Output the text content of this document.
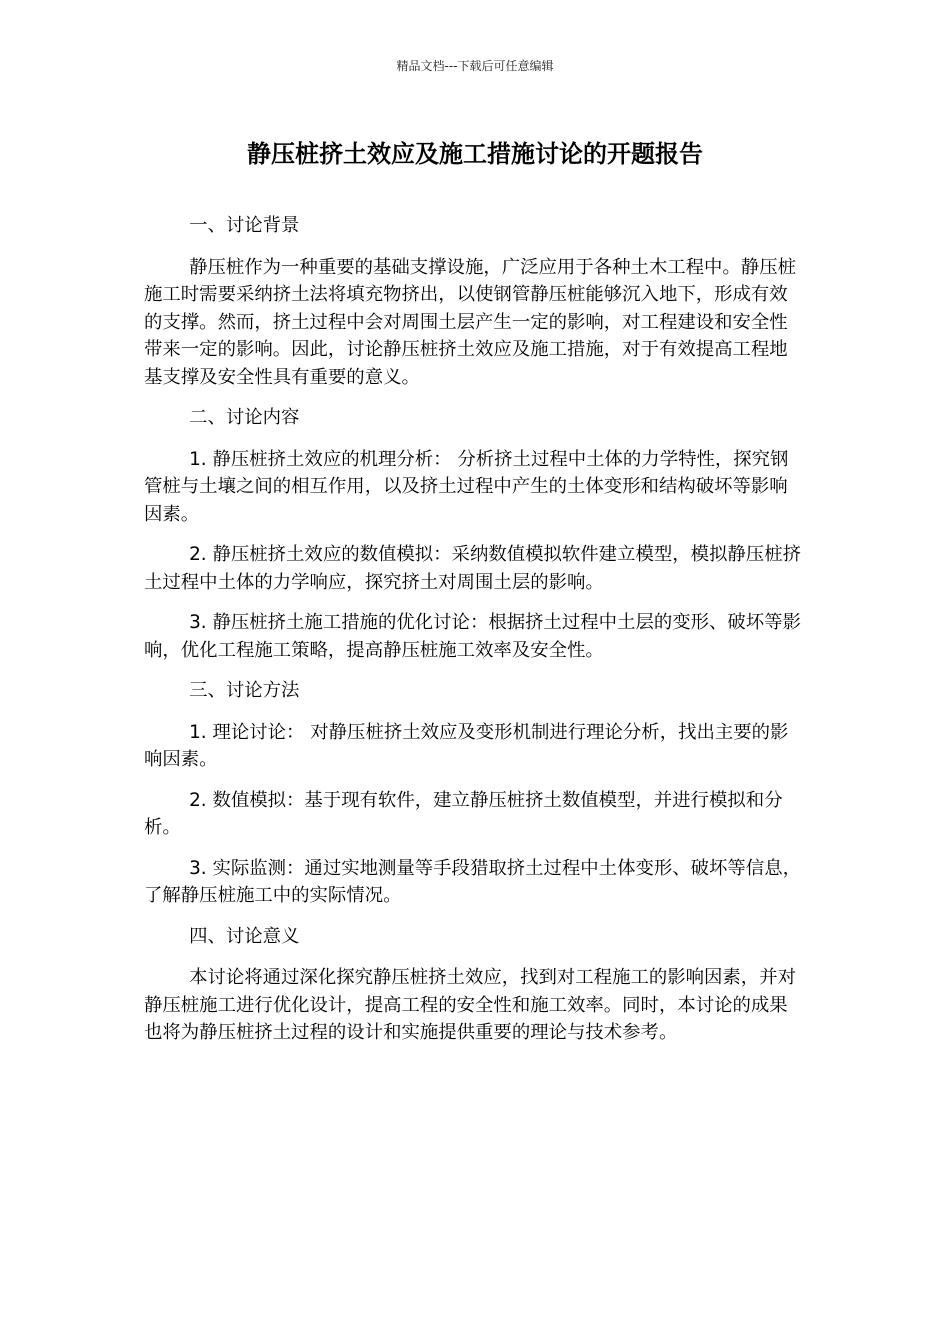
精品文档---下载后可任意编辑
静压桩挤土效应及施工措施讨论的开题报告

一、讨论背景

静压桩作为一种重要的基础支撑设施，广泛应用于各种土木工程中。静压桩施工时需要采纳挤土法将填充物挤出，以使钢管静压桩能够沉入地下，形成有效的支撑。然而，挤土过程中会对周围土层产生一定的影响，对工程建设和安全性带来一定的影响。因此，讨论静压桩挤土效应及施工措施，对于有效提高工程地基支撑及安全性具有重要的意义。

二、讨论内容

1. 静压桩挤土效应的机理分析： 分析挤土过程中土体的力学特性，探究钢管桩与土壤之间的相互作用，以及挤土过程中产生的土体变形和结构破坏等影响因素。

2. 静压桩挤土效应的数值模拟：采纳数值模拟软件建立模型，模拟静压桩挤土过程中土体的力学响应，探究挤土对周围土层的影响。

3. 静压桩挤土施工措施的优化讨论：根据挤土过程中土层的变形、破坏等影响，优化工程施工策略，提高静压桩施工效率及安全性。

三、讨论方法

1. 理论讨论： 对静压桩挤土效应及变形机制进行理论分析，找出主要的影响因素。

2. 数值模拟：基于现有软件，建立静压桩挤土数值模型，并进行模拟和分析。

3. 实际监测：通过实地测量等手段猎取挤土过程中土体变形、破坏等信息，了解静压桩施工中的实际情况。

四、讨论意义

本讨论将通过深化探究静压桩挤土效应，找到对工程施工的影响因素，并对静压桩施工进行优化设计，提高工程的安全性和施工效率。同时，本讨论的成果也将为静压桩挤土过程的设计和实施提供重要的理论与技术参考。
